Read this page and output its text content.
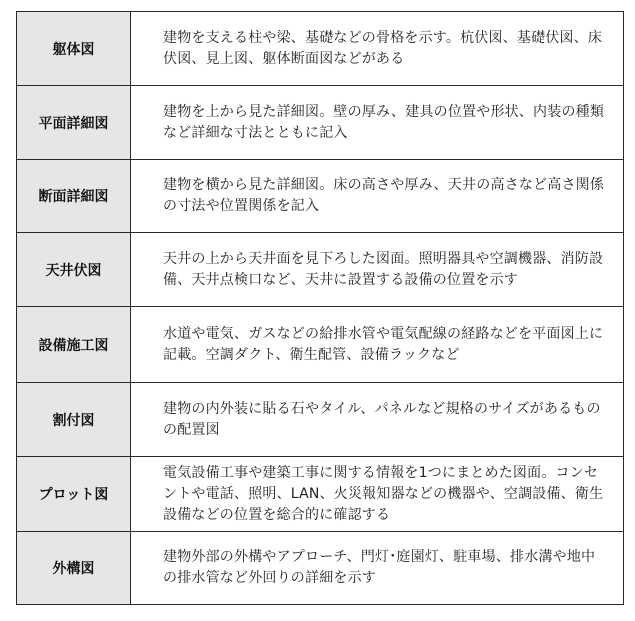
躯体図	建物を支える柱や梁、基礎などの骨格を示す。杭伏図、基礎伏図、床伏図、見上図、躯体断面図などがある
平面詳細図	建物を上から見た詳細図。壁の厚み、建具の位置や形状、内装の種類など詳細な寸法とともに記入
断面詳細図	建物を横から見た詳細図。床の高さや厚み、天井の高さなど高さ関係の寸法や位置関係を記入
天井伏図	天井の上から天井面を見下ろした図面。照明器具や空調機器、消防設備、天井点検口など、天井に設置する設備の位置を示す
設備施工図	水道や電気、ガスなどの給排水管や電気配線の経路などを平面図上に記載。空調ダクト、衛生配管、設備ラックなど
割付図	建物の内外装に貼る石やタイル、パネルなど規格のサイズがあるものの配置図
プロット図	電気設備工事や建築工事に関する情報を1つにまとめた図面。コンセントや電話、照明、LAN、火災報知器などの機器や、空調設備、衛生設備などの位置を総合的に確認する
外構図	建物外部の外構やアプローチ、門灯･庭園灯、駐車場、排水溝や地中の排水管など外回りの詳細を示す
